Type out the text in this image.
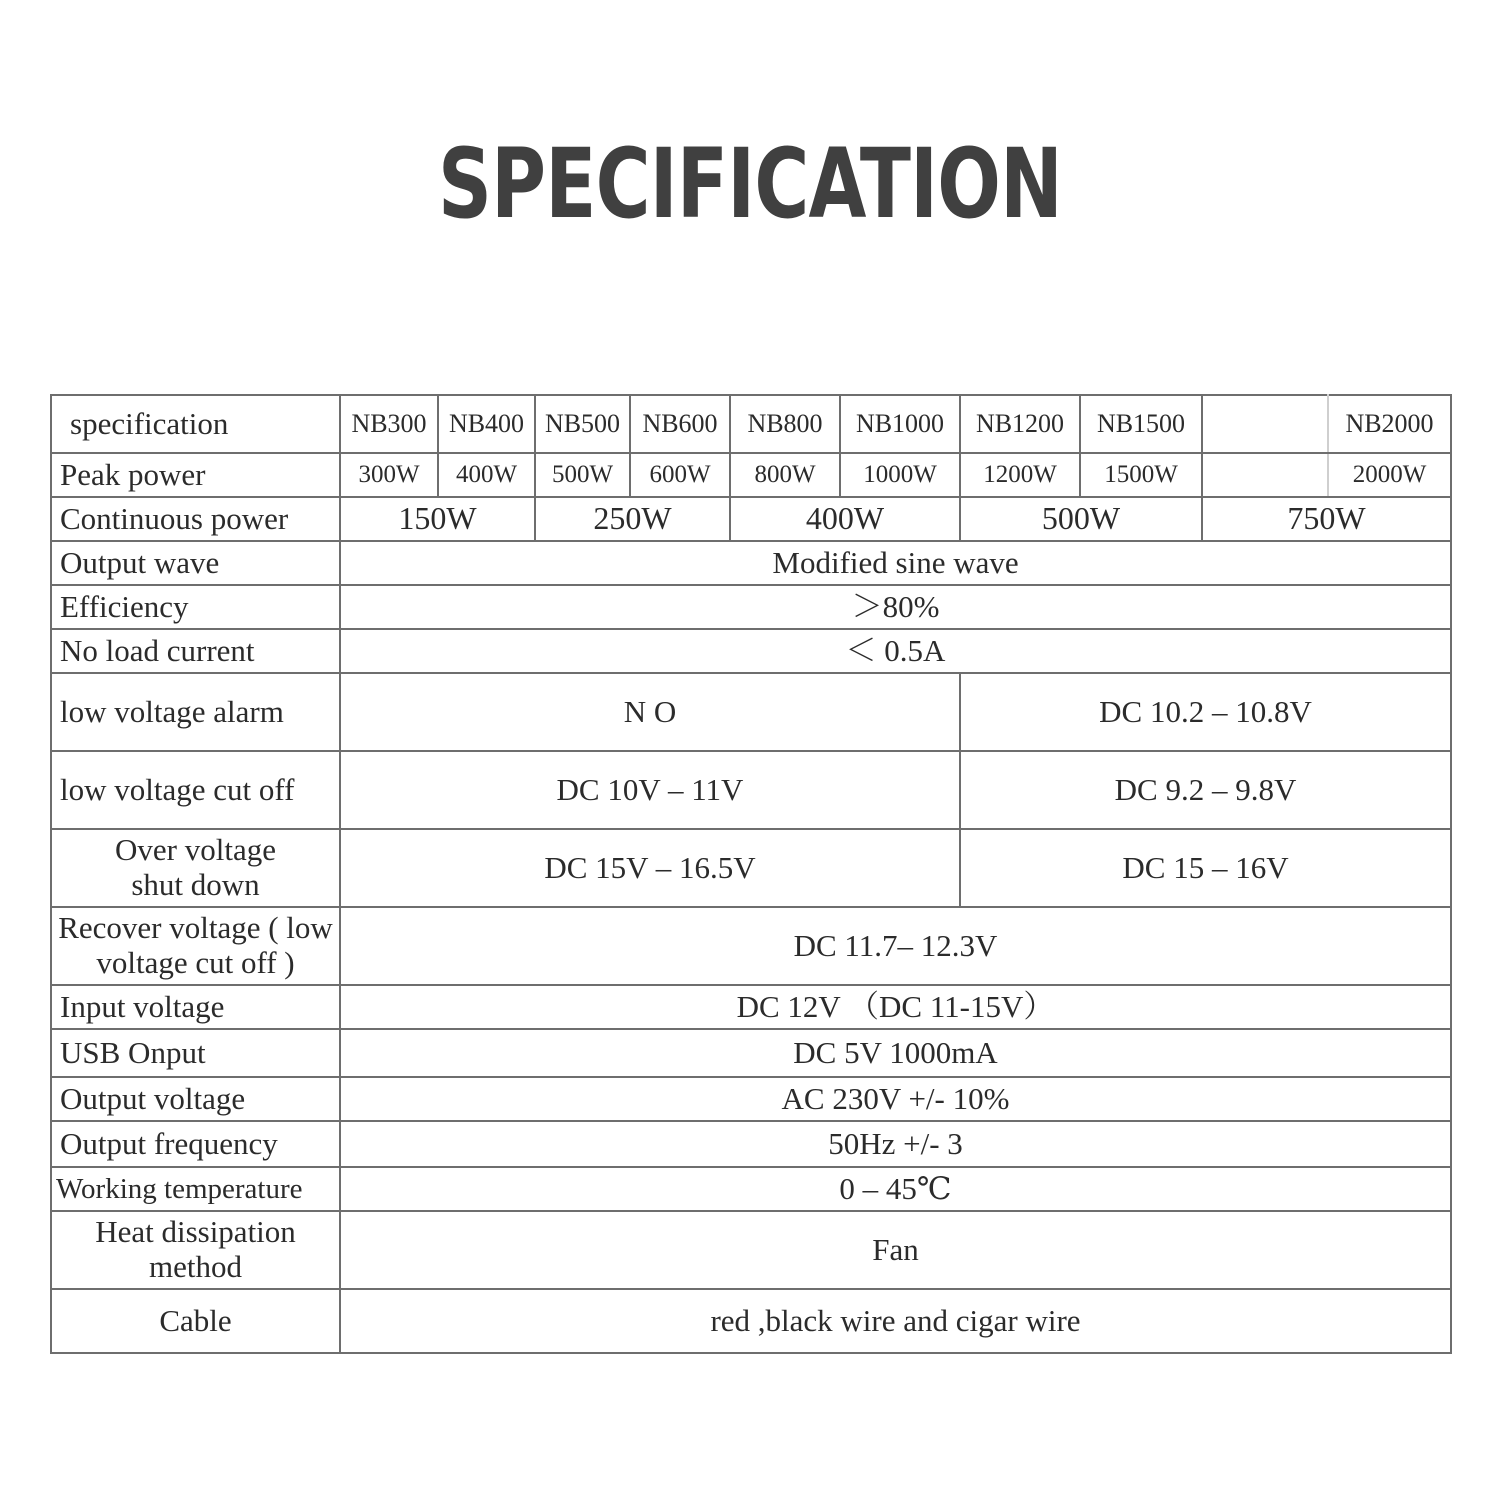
SPECIFICATION
specification	NB300	NB400	NB500	NB600	NB800	NB1000	NB1200	NB1500		NB2000
Peak power	300W	400W	500W	600W	800W	1000W	1200W	1500W		2000W
Continuous power	150W		250W		400W		500W		750W	
Output wave	Modified sine wave									
Efficiency	＞80%									
No load current	＜ 0.5A									
low voltage alarm	N O						DC 10.2 – 10.8V			
low voltage cut off	DC 10V – 11V						DC 9.2 – 9.8V			
Over voltage shut down	DC 15V – 16.5V						DC 15 – 16V			
Recover voltage ( low voltage cut off )	DC 11.7– 12.3V									
Input voltage	DC 12V （DC 11-15V）									
USB Onput	DC 5V 1000mA									
Output voltage	AC 230V +/- 10%									
Output frequency	50Hz +/- 3									
Working temperature	0 – 45℃									
Heat dissipation method	Fan									
Cable	red ,black wire and cigar wire									
